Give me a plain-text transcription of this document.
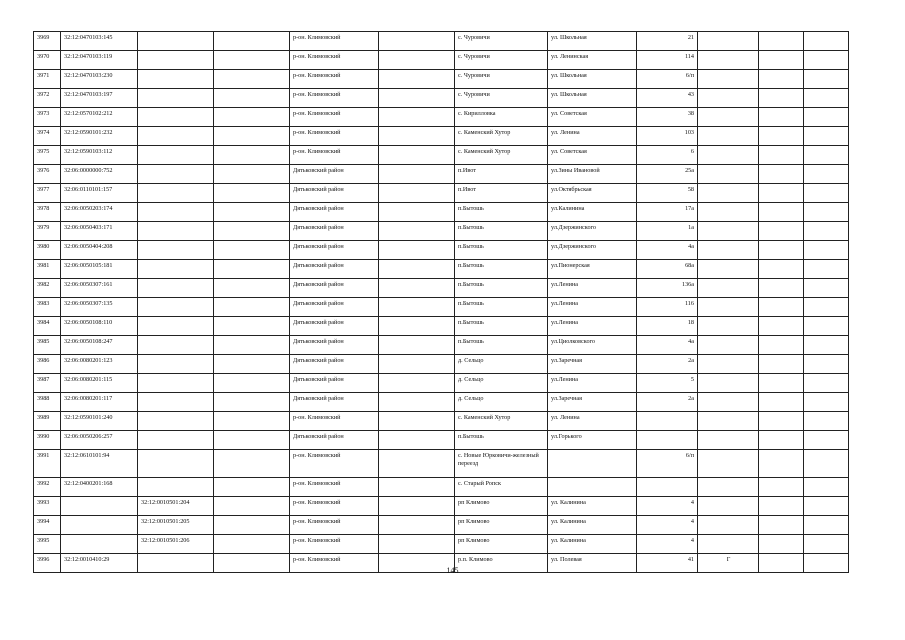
3969	32:12:0470103:145			р-он. Климовский		с. Чуровичи	ул. Школьная	21			
3970	32:12:0470103:119			р-он. Климовский		с. Чуровичи	ул. Ленинская	114			
3971	32:12:0470103:230			р-он. Климовский		с. Чуровичи	ул. Школьная	6/п			
3972	32:12:0470103:197			р-он. Климовский		с. Чуровичи	ул. Школьная	43			
3973	32:12:0570102:212			р-он. Климовский		с. Кирилловка	ул. Советская	38			
3974	32:12:0590101:232			р-он. Климовский		с. Каменский Хутор	ул. Ленина	103			
3975	32:12:0590103:112			р-он. Климовский		с. Каменский Хутор	ул. Советская	6			
3976	32:06:0000000:752			Дятьковский район		п.Ивот	ул.Зины Ивановой	25а			
3977	32:06:0110101:157			Дятьковский район		п.Ивот	ул.Октябрьская	58			
3978	32:06:0050203:174			Дятьковский район		п.Бытошь	ул.Калинина	17а			
3979	32:06:0050403:171			Дятьковский район		п.Бытошь	ул.Дзержинского	1а			
3980	32:06:0050404:208			Дятьковский район		п.Бытошь	ул.Дзержинского	4а			
3981	32:06:0050105:181			Дятьковский район		п.Бытошь	ул.Пионерская	68а			
3982	32:06:0050307:161			Дятьковский район		п.Бытошь	ул.Ленина	136а			
3983	32:06:0050307:135			Дятьковский район		п.Бытошь	ул.Ленина	116			
3984	32:06:0050108:110			Дятьковский район		п.Бытошь	ул.Ленина	18			
3985	32:06:0050108:247			Дятьковский район		п.Бытошь	ул.Циолковского	4а			
3986	32:06:0080201:123			Дятьковский район		д. Сельцо	ул.Заречная	2а			
3987	32:06:0080201:115			Дятьковский район		д. Сельцо	ул.Ленина	5			
3988	32:06:0080201:117			Дятьковский район		д. Сельцо	ул.Заречная	2а			
3989	32:12:0590101:240			р-он. Климовский		с. Каменский Хутор	ул. Ленина				
3990	32:06:0050206:257			Дятьковский район		п.Бытошь	ул.Горького				
3991	32:12:0610101:94			р-он. Климовский		с. Новые Юрковичи-железный переезд		6/п			
3992	32:12:0400201:168			р-он. Климовский		с. Старый Ропск					
3993		32:12:0010501:204		р-он. Климовский		рп Климово	ул. Калинина	4			
3994		32:12:0010501:205		р-он. Климовский		рп Климово	ул. Калинина	4			
3995		32:12:0010501:206		р-он. Климовский		рп Климово	ул. Калинина	4			
3996	32:12:0010410:29			р-он. Климовский		р.п. Климово	ул. Полевая	41	Г		
145
